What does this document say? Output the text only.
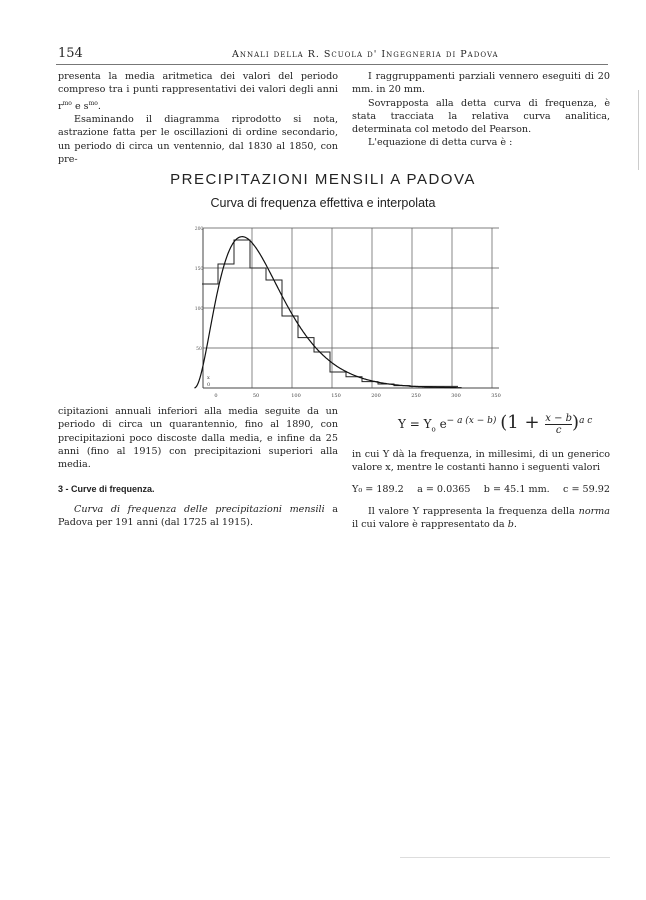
154	Annali della R. Scuola d' Ingegneria di Padova

presenta la media aritmetica dei valori del periodo compreso tra i punti rappresentativi dei valori degli anni $r^{mo}$ e $s^{mo}$.

Esaminando il diagramma riprodotto si nota, astrazione fatta per le oscillazioni di ordine secondario, un periodo di circa un ventennio, dal 1830 al 1850, con pre-

I raggruppamenti parziali vennero eseguiti di 20 mm. in 20 mm.

Sovrapposta alla detta curva di frequenza, è stata tracciata la relativa curva analitica, determinata col metodo del Pearson.

L'equazione di detta curva è :

PRECIPITAZIONI MENSILI A PADOVA
Curva di frequenza effettiva e interpolata
50
100
150
200
0	50	100	150	200	250	300	350
x
0

cipitazioni annuali inferiori alla media seguite da un periodo di circa un quarantennio, fino al 1890, con precipitazioni poco discoste dalla media, e infine da 25 anni (fino al 1915) con precipitazioni superiori alla media.

3 - Curve di frequenza.

Curva di frequenza delle precipitazioni mensili a Padova per 191 anni (dal 1725 al 1915).

$Y = Y_o$ $e^{- a (x - b)}$ $(1 + \frac{x - b}{c} )^{a c}$

in cui Y dà la frequenza, in millesimi, di un generico valore x, mentre le costanti hanno i seguenti valori

Y₀ = 189.2 a = 0.0365 b = 45.1 mm. c = 59.92

Il valore Y rappresenta la frequenza della norma il cui valore è rappresentato da b.
